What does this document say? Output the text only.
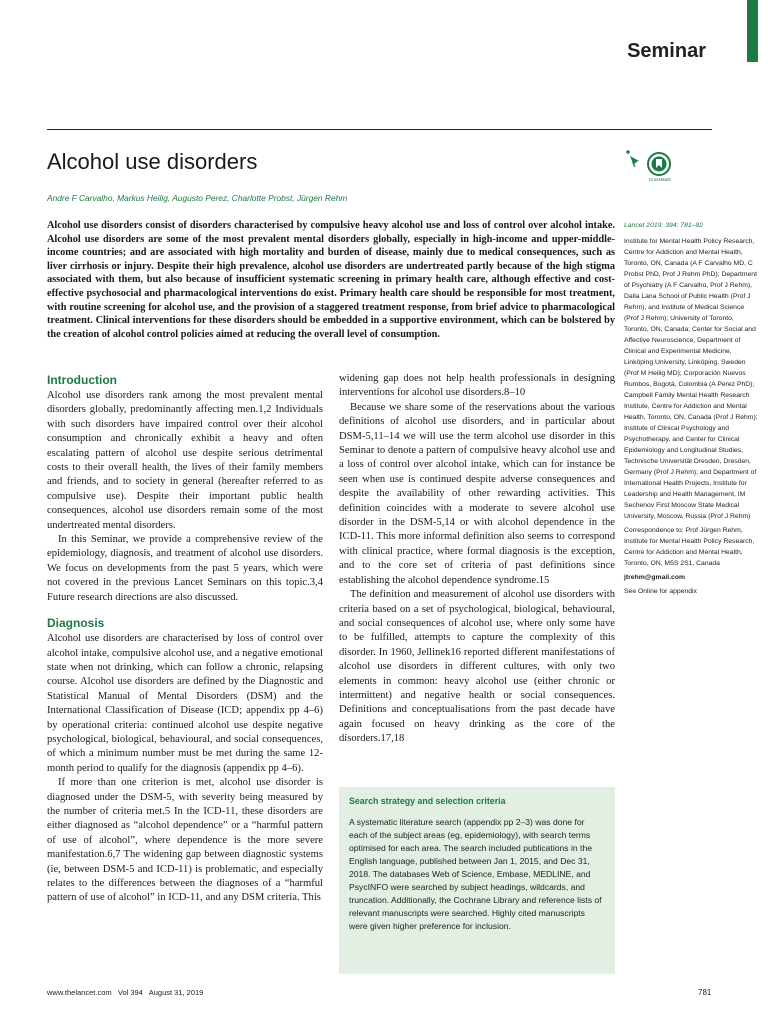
Seminar
Alcohol use disorders
Andre F Carvalho, Markus Heilig, Augusto Perez, Charlotte Probst, Jürgen Rehm
CrossMark

Alcohol use disorders consist of disorders characterised by compulsive heavy alcohol use and loss of control over alcohol intake. Alcohol use disorders are some of the most prevalent mental disorders globally, especially in high-income and upper-middle-income countries; and are associated with high mortality and burden of disease, mainly due to medical consequences, such as liver cirrhosis or injury. Despite their high prevalence, alcohol use disorders are undertreated partly because of the high stigma associated with them, but also because of insufficient systematic screening in primary health care, although effective and cost-effective psychosocial and pharmacological interventions do exist. Primary health care should be responsible for most treatment, with routine screening for alcohol use, and the provision of a staggered treatment response, from brief advice to pharmacological treatment. Clinical interventions for these disorders should be embedded in a supportive environment, which can be bolstered by the creation of alcohol control policies aimed at reducing the overall level of consumption.

Introduction

Alcohol use disorders rank among the most prevalent mental disorders globally, predominantly affecting men.1,2 Individuals with such disorders have impaired control over their alcohol consumption and chronically exhibit a heavy and often escalating pattern of alcohol use despite serious detrimental costs to their overall health, the lives of their family members and friends, and to society in general (hereafter referred to as compulsive use). Despite their important public health consequences, alcohol use disorders remain some of the most undertreated mental disorders.

In this Seminar, we provide a comprehensive review of the epidemiology, diagnosis, and treatment of alcohol use disorders. We focus on developments from the past 5 years, which were not covered in the previous Lancet Seminars on this topic.3,4 Future research directions are also discussed.

Diagnosis

Alcohol use disorders are characterised by loss of control over alcohol intake, compulsive alcohol use, and a negative emotional state when not drinking, which can follow a chronic, relapsing course. Alcohol use disorders are defined by the Diagnostic and Statistical Manual of Mental Disorders (DSM) and the International Classification of Disease (ICD; appendix pp 4–6) by operational criteria: continued alcohol use despite negative psychological, biological, behavioural, and social consequences, of which a minimum number must be met during the same 12-month period to qualify for the diagnosis (appendix pp 4–6).

If more than one criterion is met, alcohol use disorder is diagnosed under the DSM-5, with severity being measured by the number of criteria met.5 In the ICD-11, these disorders are either diagnosed as “alcohol dependence” or a “harmful pattern of use of alcohol”, where dependence is the more severe manifestation.6,7 The widening gap between diagnostic systems (ie, between DSM-5 and ICD-11) is problematic, and especially relates to the differences between the diagnoses of a “harmful pattern of use of alcohol” in ICD-11, and any DSM criteria. This

widening gap does not help health professionals in designing interventions for alcohol use disorders.8–10

Because we share some of the reservations about the various definitions of alcohol use disorders, and in particular about DSM-5,11–14 we will use the term alcohol use disorder in this Seminar to denote a pattern of compulsive heavy alcohol use and a loss of control over alcohol intake, which can for instance be seen when use is continued despite adverse consequences and despite the availability of other rewarding activities. This definition coincides with a moderate to severe alcohol use disorder in the DSM-5,14 or with alcohol dependence in the ICD-11. This more informal definition also seems to correspond with clinical practice, where formal diagnosis is the exception, and to the core set of criteria of past definitions since establishing the alcohol dependence syndrome.15

The definition and measurement of alcohol use disorders with criteria based on a set of psychological, biological, behavioural, and social consequences of alcohol use, where only some have to be fulfilled, attempts to capture the complexity of this disorder. In 1960, Jellinek16 reported different manifestations of alcohol use disorders in different cultures, with only two elements in common: heavy alcohol use (either chronic or intermittent) and negative health or social consequences. Definitions and conceptualisations from the past decade have again focused on heavy drinking as the core of the disorders.17,18

Search strategy and selection criteria

A systematic literature search (appendix pp 2–3) was done for each of the subject areas (eg, epidemiology), with search terms optimised for each area. The search included publications in the English language, published between Jan 1, 2015, and Dec 31, 2018. The databases Web of Science, Embase, MEDLINE, and PsycINFO were searched by subject headings, wildcards, and truncation. Additionally, the Cochrane Library and reference lists of relevant manuscripts were searched. Highly cited manuscripts were given higher preference for inclusion.

Lancet 2019; 394: 781–92

Institute for Mental Health Policy Research, Centre for Addiction and Mental Health, Toronto, ON, Canada (A F Carvalho MD, C Probst PhD, Prof J Rehm PhD); Department of Psychiatry (A F Carvalho, Prof J Rehm), Dalla Lana School of Public Health (Prof J Rehm), and Institute of Medical Science (Prof J Rehm); University of Toronto, Toronto, ON, Canada; Center for Social and Affective Neuroscience, Department of Clinical and Experimental Medicine, Linköping University, Linköping, Sweden (Prof M Heilig MD); Corporación Nuevos Rumbos, Bogotá, Colombia (A Perez PhD); Campbell Family Mental Health Research Institute, Centre for Addiction and Mental Health, Toronto, ON, Canada (Prof J Rehm); Institute of Clinical Psychology and Psychotherapy, and Center for Clinical Epidemiology and Longitudinal Studies, Technische Universität Dresden, Dresden, Germany (Prof J Rehm); and Department of International Health Projects, Institute for Leadership and Health Management, IM Sechenov First Moscow State Medical University, Moscow, Russia (Prof J Rehm)

Correspondence to: Prof Jürgen Rehm, Institute for Mental Health Policy Research, Centre for Addiction and Mental Health, Toronto, ON, M5S 2S1, Canada

jtrehm@gmail.com

See Online for appendix

www.thelancet.com   Vol 394   August 31, 2019	781
